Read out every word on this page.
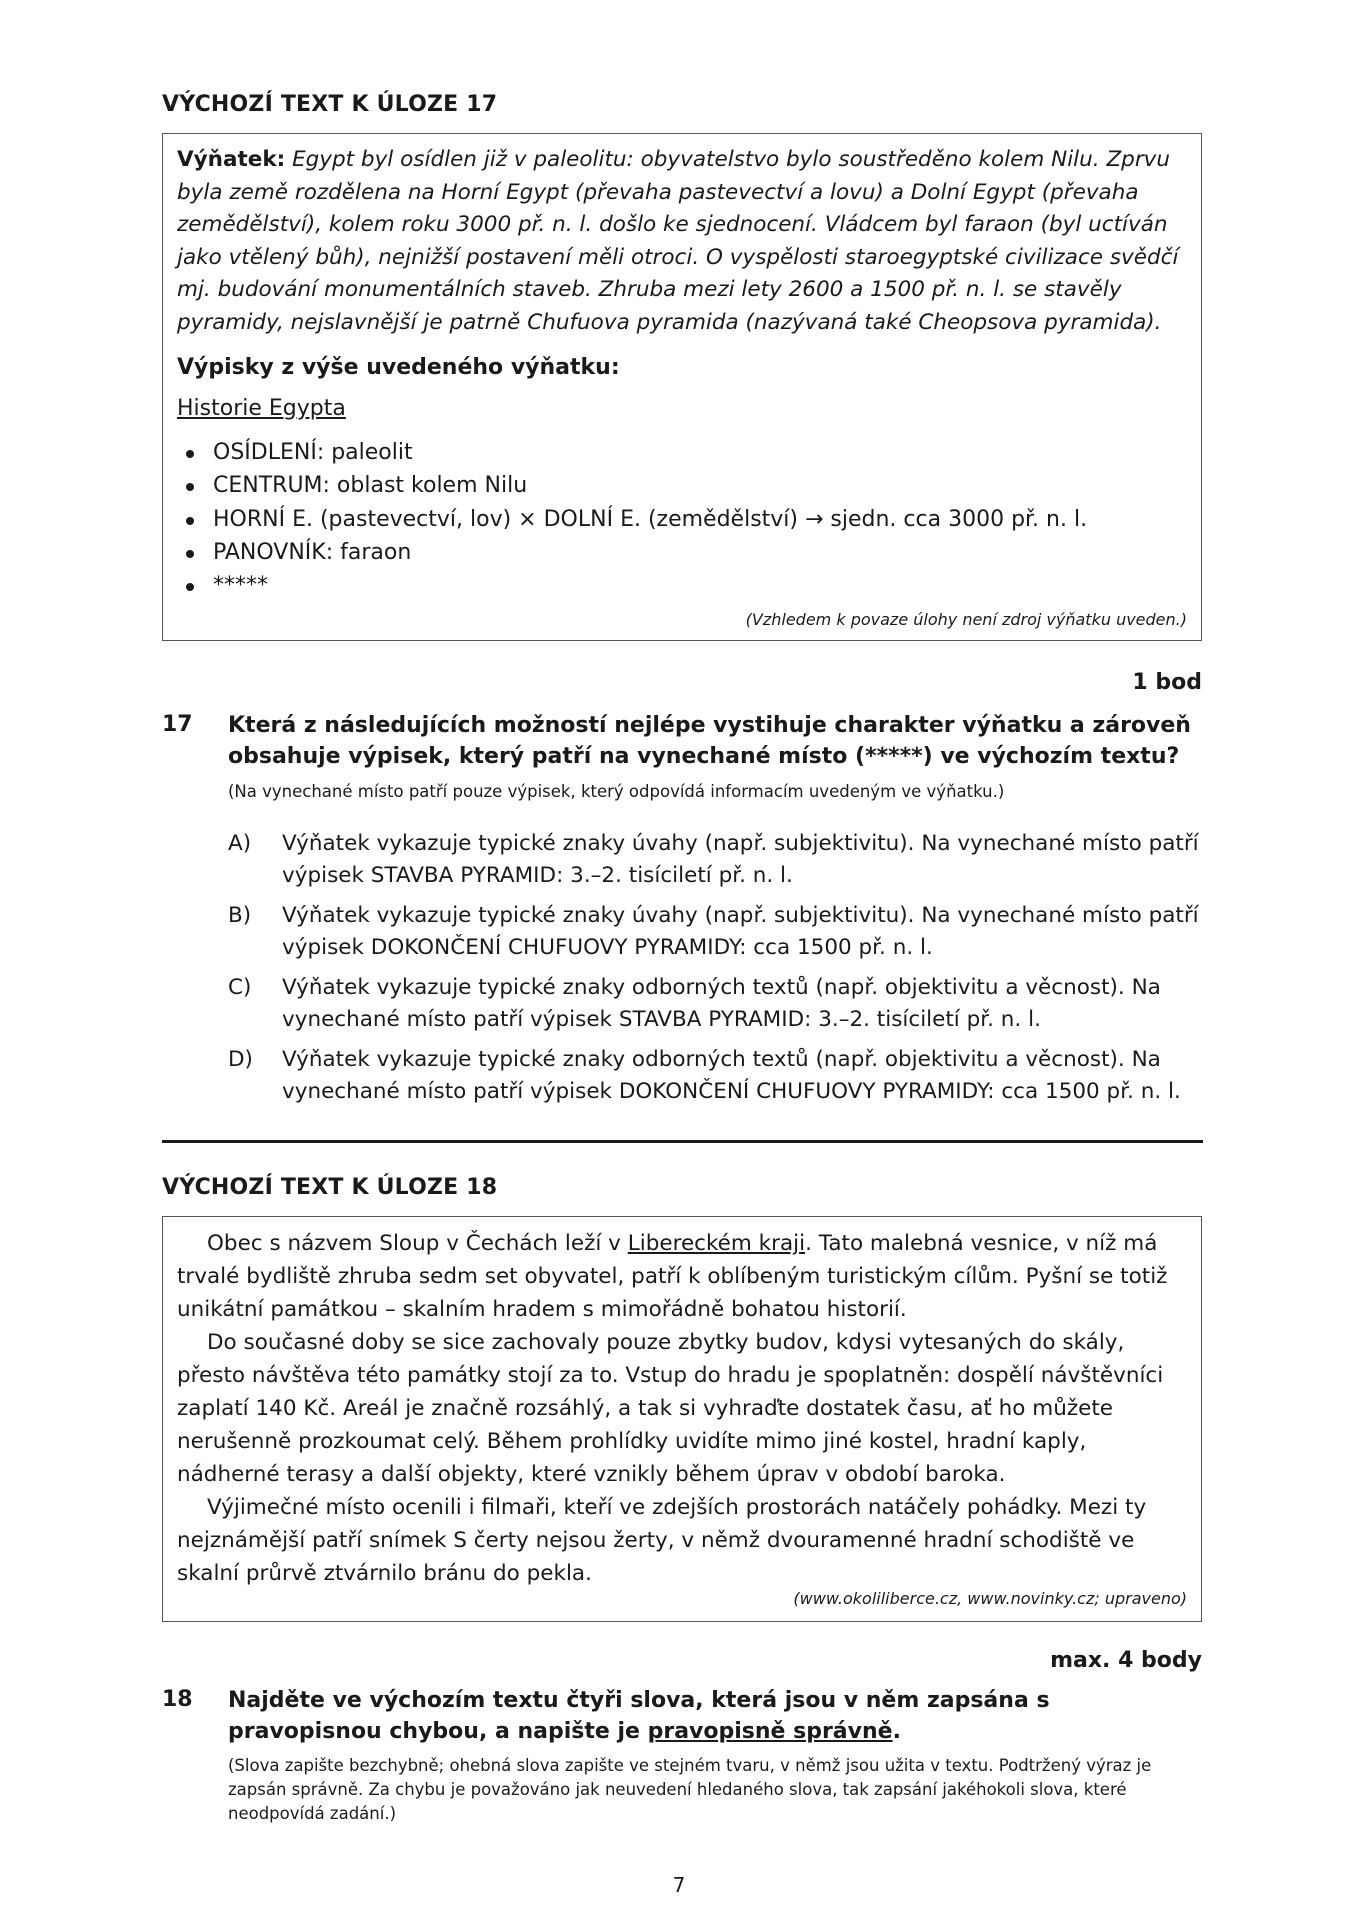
VÝCHOZÍ TEXT K ÚLOZE 17
Výňatek: Egypt byl osídlen již v paleolitu: obyvatelstvo bylo soustředěno kolem Nilu. Zprvu byla země rozdělena na Horní Egypt (převaha pastevectví a lovu) a Dolní Egypt (převaha zemědělství), kolem roku 3000 př. n. l. došlo ke sjednocení. Vládcem byl faraon (byl uctíván jako vtělený bůh), nejnižší postavení měli otroci. O vyspělosti staroegyptské civilizace svědčí mj. budování monumentálních staveb. Zhruba mezi lety 2600 a 1500 př. n. l. se stavěly pyramidy, nejslavnější je patrně Chufuova pyramida (nazývaná také Cheopsova pyramida).
Výpisky z výše uvedeného výňatku:
Historie Egypta
OSÍDLENÍ: paleolit
CENTRUM: oblast kolem Nilu
HORNÍ E. (pastevectví, lov) × DOLNÍ E. (zemědělství) → sjedn. cca 3000 př. n. l.
PANOVNÍK: faraon
*****
(Vzhledem k povaze úlohy není zdroj výňatku uveden.)
1 bod
17 Která z následujících možností nejlépe vystihuje charakter výňatku a zároveň obsahuje výpisek, který patří na vynechané místo (*****) ve výchozím textu?
(Na vynechané místo patří pouze výpisek, který odpovídá informacím uvedeným ve výňatku.)
A) Výňatek vykazuje typické znaky úvahy (např. subjektivitu). Na vynechané místo patří výpisek STAVBA PYRAMID: 3.–2. tisíciletí př. n. l.
B) Výňatek vykazuje typické znaky úvahy (např. subjektivitu). Na vynechané místo patří výpisek DOKONČENÍ CHUFUOVY PYRAMIDY: cca 1500 př. n. l.
C) Výňatek vykazuje typické znaky odborných textů (např. objektivitu a věcnost). Na vynechané místo patří výpisek STAVBA PYRAMID: 3.–2. tisíciletí př. n. l.
D) Výňatek vykazuje typické znaky odborných textů (např. objektivitu a věcnost). Na vynechané místo patří výpisek DOKONČENÍ CHUFUOVY PYRAMIDY: cca 1500 př. n. l.
VÝCHOZÍ TEXT K ÚLOZE 18
Obec s názvem Sloup v Čechách leží v Libereckém kraji. Tato malebná vesnice, v níž má trvalé bydliště zhruba sedm set obyvatel, patří k oblíbeným turistickým cílům. Pyšní se totiž unikátní památkou – skalním hradem s mimořádně bohatou historií.
Do současné doby se sice zachovaly pouze zbytky budov, kdysi vytesaných do skály, přesto návštěva této památky stojí za to. Vstup do hradu je spoplatněn: dospělí návštěvníci zaplatí 140 Kč. Areál je značně rozsáhlý, a tak si vyhraďte dostatek času, ať ho můžete nerušenně prozkoumat celý. Během prohlídky uvidíte mimo jiné kostel, hradní kaply, nádherné terasy a další objekty, které vznikly během úprav v období baroka.
Výjimečné místo ocenili i filmaři, kteří ve zdejších prostorách natáčely pohádky. Mezi ty nejznámější patří snímek S čerty nejsou žerty, v němž dvouramenné hradní schodiště ve skalní průrvě ztvárnilo bránu do pekla.
(www.okoliliberce.cz, www.novinky.cz; upraveno)
max. 4 body
18 Najděte ve výchozím textu čtyři slova, která jsou v něm zapsána s pravopisnou chybou, a napište je pravopisně správně.
(Slova zapište bezchybně; ohebná slova zapište ve stejném tvaru, v němž jsou užita v textu. Podtržený výraz je zapsán správně. Za chybu je považováno jak neuvedení hledaného slova, tak zapsání jakéhokoli slova, které neodpovídá zadání.)
7
